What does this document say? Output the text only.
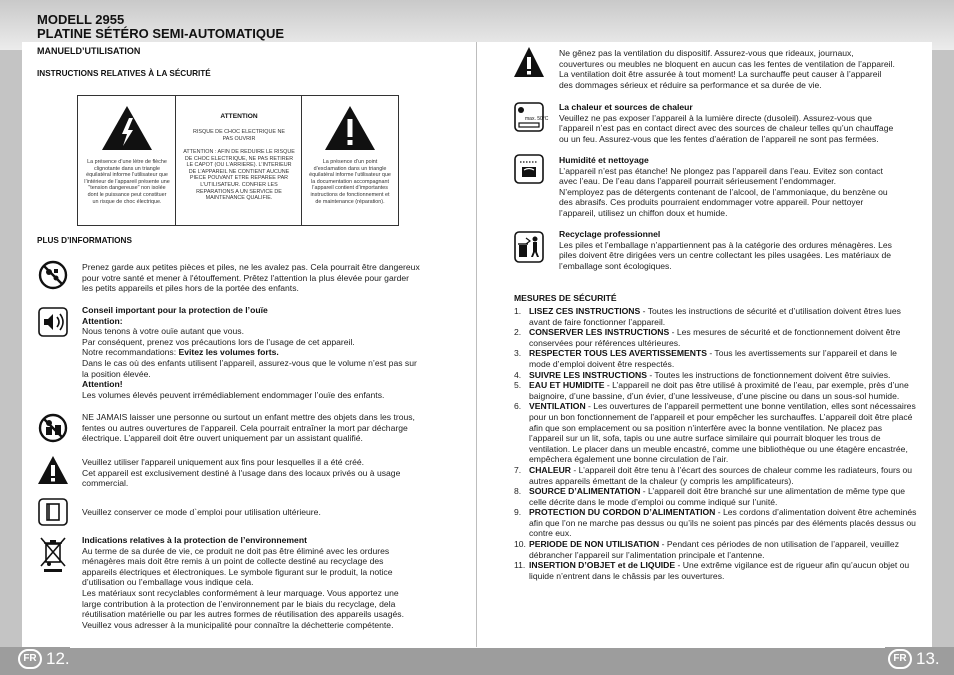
MODELL 2955
PLATINE SÉTÉRO SEMI-AUTOMATIQUE
MANUELD’UTILISATION
INSTRUCTIONS RELATIVES À LA SÉCURITÉ
La présence d’une lètre de flèche clignotante dans un triangle équilatéral informe l’utilisateur que l’intérieur de l’appareil présente une "tension dangereuse" non isolée dont le puissance peut constituer un risque de choc électrique.
ATTENTION
RISQUE DE CHOC ELECTRIQUE NE PAS OUVRIR
ATTENTION : AFIN DE REDUIRE LE RISQUE DE CHOC ELECTRIQUE, NE PAS RETIRER LE CAPOT (OU L’ARRIERE). L’INTERIEUR DE L’APPAREIL NE CONTIENT AUCUNE PIECE POUVANT ETRE REPAREE PAR L’UTILISATEUR. CONFIER LES REPARATIONS A UN SERVICE DE MAINTENANCE QUALIFIE.
La présence d’un point d’exclamation dans un triangle équilatéral informe l’utilisateur que la documentation accompagnant l’appareil contient d’importantes instructions de fonctionnement et de maintenance (réparation).
PLUS D’INFORMATIONS
Prenez garde aux petites pièces et piles, ne les avalez pas. Cela pourrait être dangereux
pour votre santé et mener à l'étouffement. Prêtez l'attention la plus élevée pour garder
les petits appareils et piles hors de la portée des enfants.
Conseil important pour la protection de l’ouïe
Attention:
Nous tenons à votre ouïe autant que vous.
Par conséquent, prenez vos précautions lors de l’usage de cet appareil.
Notre recommandations: Evitez les volumes forts.
Dans le cas où des enfants utilisent l’appareil, assurez-vous que le volume n’est pas sur
la position élevée.
Attention!
Les volumes élevés peuvent irrémédiablement endommager l’ouïe des enfants.
NE JAMAIS laisser une personne ou surtout un enfant mettre des objets dans les trous,
fentes ou autres ouvertures de l’appareil. Cela pourrait entraîner la mort par décharge
électrique. L’appareil doit être ouvert uniquement par un assistant qualifié.
Veuillez utiliser l'appareil uniquement aux fins pour lesquelles il a été créé.
Cet appareil est exclusivement destiné à l'usage dans des locaux privés ou à usage
commercial.
Veuillez conserver ce mode d`emploi pour utilisation ultérieure.
Indications relatives à la protection de l’environnement
Au terme de sa durée de vie, ce produit ne doit pas être éliminé avec les ordures
ménagères mais doit être remis à un point de collecte destiné au recyclage des
appareils électriques et électroniques. Le symbole figurant sur le produit, la notice
d’utilisation ou l’emballage vous indique cela.
Les matériaux sont recyclables conformément à leur marquage. Vous apportez une
large contribution à la protection de l’environnement par le biais du recyclage, dela
réutilisation matérielle ou par les autres formes de réutilisation des appareils usagés.
Veuillez vous adresser à la municipalité pour connaître la déchetterie compétente.
Ne gênez pas la ventilation du dispositif. Assurez-vous que rideaux, journaux,
couvertures ou meubles ne bloquent en aucun cas les fentes de ventilation de l’appareil.
La ventilation doit être assurée à tout moment! La surchauffe peut causer à l’appareil
des dommages sérieux et réduire sa performance et sa durée de vie.
max. 50°C
La chaleur et sources de chaleur
Veuillez ne pas exposer l’appareil à la lumière directe (dusoleil). Assurez-vous que
l’appareil n’est pas en contact direct avec des sources de chaleur telles qu’un chauffage
ou un feu. Assurez-vous que les fentes d’aération de l’appareil ne sont pas fermées.
Humidité et nettoyage
L’appareil n’est pas étanche! Ne plongez pas l’appareil dans l’eau. Evitez son contact
avec l’eau. De l’eau dans l’appareil pourrait sérieusement l’endommager.
N’employez pas de détergents contenant de l’alcool, de l’ammoniaque, du benzène ou
des abrasifs. Ces produits pourraient endommager votre appareil. Pour nettoyer
l’appareil, utilisez un chiffon doux et humide.
Recyclage professionnel
Les piles et l’emballage n’appartiennent pas à la catégorie des ordures ménagères. Les
piles doivent être dirigées vers un centre collectant les piles usagées. Les matériaux de
l’emballage sont écologiques.
MESURES DE SÉCURITÉ
1. LISEZ CES INSTRUCTIONS - Toutes les instructions de sécurité et d’utilisation doivent êtres lues avant de faire fonctionner l’appareil.
2. CONSERVER LES INSTRUCTIONS - Les mesures de sécurité et de fonctionnement doivent être conservées pour références ultérieures.
3. RESPECTER TOUS LES AVERTISSEMENTS - Tous les avertissements sur l’appareil et dans le mode d’emploi doivent être respectés.
4. SUIVRE LES INSTRUCTIONS - Toutes les instructions de fonctionnement doivent être suivies.
5. EAU ET HUMIDITE - L’appareil ne doit pas être utilisé à proximité de l’eau, par exemple, près d’une baignoire, d’une bassine, d’un évier, d’une lessiveuse, d’une piscine ou dans un sous-sol humide.
6. VENTILATION - Les ouvertures de l’appareil permettent une bonne ventilation, elles sont nécessaires pour un bon fonctionnement de l’appareil et pour empêcher les surchauffes. L’appareil doit être placé afin que son emplacement ou sa position n’interfère avec la bonne ventilation. Ne placez pas l’appareil sur un lit, sofa, tapis ou une autre surface similaire qui pourrait bloquer les trous de ventilation. Le placer dans un meuble encastré, comme une bibliothèque ou une étagère encastrée, empêchera également une bonne circulation de l’air.
7. CHALEUR - L’appareil doit être tenu à l’écart des sources de chaleur comme les radiateurs, fours ou autres appareils émettant de la chaleur (y compris les amplificateurs).
8. SOURCE D’ALIMENTATION - L’appareil doit être branché sur une alimentation de même type que celle décrite dans le mode d’emploi ou comme indiqué sur l’unité.
9. PROTECTION DU CORDON D’ALIMENTATION - Les cordons d’alimentation doivent être acheminés afin que l’on ne marche pas dessus ou qu’ils ne soient pas pincés par des éléments placés dessus ou contre eux.
10. PERIODE DE NON UTILISATION - Pendant ces périodes de non utilisation de l’appareil, veuillez débrancher l’appareil sur l’alimentation principale et l’antenne.
11. INSERTION D’OBJET et de LIQUIDE - Une extrême vigilance est de rigueur afin qu’aucun objet ou liquide n’entrent dans le châssis par les ouvertures.
FR 12.	FR 13.
